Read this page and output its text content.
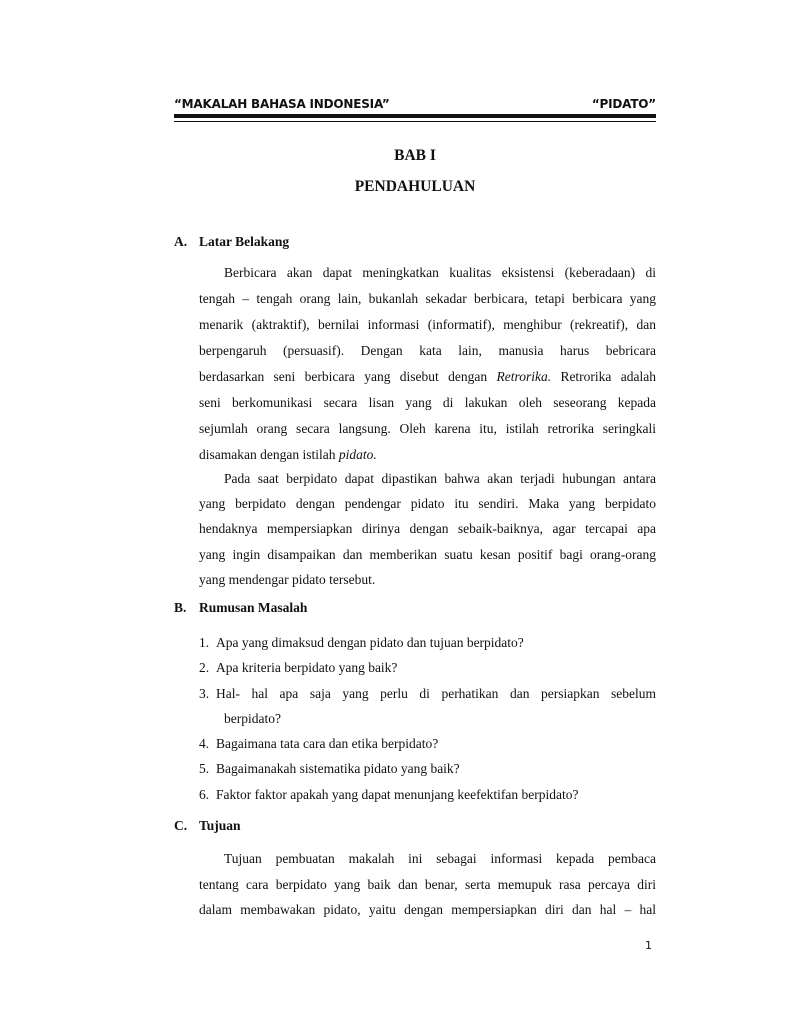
“MAKALAH BAHASA INDONESIA”	“PIDATO”
BAB I
PENDAHULUAN
A. Latar Belakang
Berbicara akan dapat meningkatkan kualitas eksistensi (keberadaan) di
tengah – tengah orang lain, bukanlah sekadar berbicara, tetapi berbicara yang
menarik (aktraktif), bernilai informasi (informatif), menghibur (rekreatif), dan
berpengaruh (persuasif). Dengan kata lain, manusia harus bebricara
berdasarkan seni berbicara yang disebut dengan Retrorika. Retrorika adalah
seni berkomunikasi secara lisan yang di lakukan oleh seseorang kepada
sejumlah orang secara langsung. Oleh karena itu, istilah retrorika seringkali
disamakan dengan istilah pidato.
Pada saat berpidato dapat dipastikan bahwa akan terjadi hubungan antara
yang berpidato dengan pendengar pidato itu sendiri. Maka yang berpidato
hendaknya mempersiapkan dirinya dengan sebaik-baiknya, agar tercapai apa
yang ingin disampaikan dan memberikan suatu kesan positif bagi orang-orang
yang mendengar pidato tersebut.
B. Rumusan Masalah
1. Apa yang dimaksud dengan pidato dan tujuan berpidato?
2. Apa kriteria berpidato yang baik?
3. Hal- hal apa saja yang perlu di perhatikan dan persiapkan sebelum
berpidato?
4. Bagaimana tata cara dan etika berpidato?
5. Bagaimanakah sistematika pidato yang baik?
6. Faktor faktor apakah yang dapat menunjang keefektifan berpidato?
C. Tujuan
Tujuan pembuatan makalah ini sebagai informasi kepada pembaca
tentang cara berpidato yang baik dan benar, serta memupuk rasa percaya diri
dalam membawakan pidato, yaitu dengan mempersiapkan diri dan hal – hal
1
